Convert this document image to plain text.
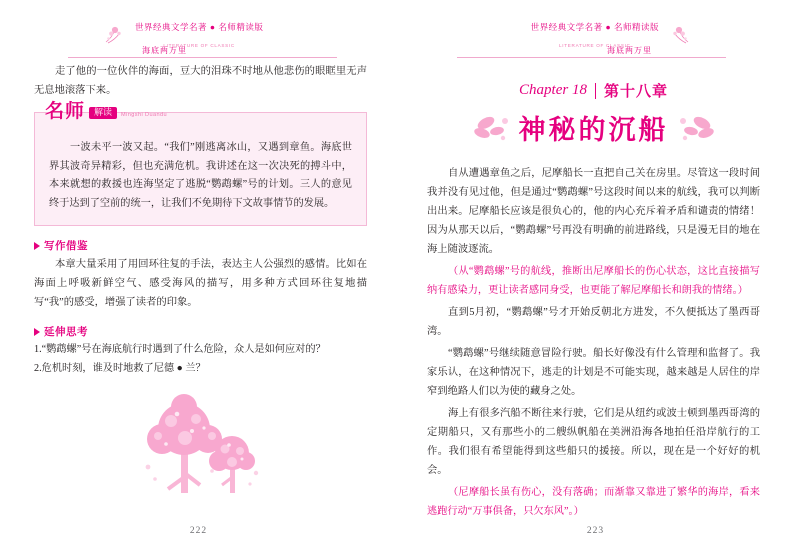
世界经典文学名著 ● 名师精读版
LITERATURE OF CLASSIC
海底两万里

走了他的一位伙伴的海面，豆大的泪珠不时地从他悲伤的眼眶里无声无息地滚落下来。

名师	解读	Mingshi Duandu

一波未平一波又起。“我们”刚逃离冰山，又遇到章鱼。海底世界其波奇异精彩，但也充满危机。我讲述在这一次决死的搏斗中，本来就想的救援也连海坚定了逃脱“鹦鹉螺”号的计划。三人的意见终于达到了空前的统一，让我们不免期待下文故事情节的发展。

写作借鉴

本章大量采用了用回环往复的手法，表达主人公强烈的感情。比如在海面上呼吸新鲜空气、感受海风的描写，用多种方式回环往复地描写“我”的感受，增强了读者的印象。

延伸思考

1.“鹦鹉螺”号在海底航行时遇到了什么危险，众人是如何应对的？

2.危机时刻，谁及时地救了尼德 ● 兰？

222
世界经典文学名著 ● 名师精读版
LITERATURE OF CLASSIC
海底两万里
Chapter 18 第十八章
神秘的沉船

自从遭遇章鱼之后，尼摩船长一直把自己关在房里。尽管这一段时间我并没有见过他，但是通过“鹦鹉螺”号这段时间以来的航线，我可以判断出出来。尼摩船长应该是很负心的，他的内心充斥着矛盾和谴责的情绪！因为从那天以后，“鹦鹉螺”号再没有明确的前进路线，只是漫无目的地在海上随波逐流。

（从“鹦鹉螺”号的航线，推断出尼摩船长的伤心状态，这比直接描写纳有感染力，更让读者感同身受，也更能了解尼摩船长和朗我的情绪。）

直到5月初，“鹦鹉螺”号才开始反朝北方进发，不久便抵达了墨西哥湾。

“鹦鹉螺”号继续随意冒险行驶。船长好像没有什么管理和监督了。我家乐认，在这种情况下，逃走的计划是不可能实现，越来越是人居住的岸窄到绝路人们以为使的藏身之处。

海上有很多汽船不断往来行驶，它们是从纽约或波士顿到墨西哥湾的定期船只，又有那些小的二艘纵帆船在美洲沿海各地拍任沿岸航行的工作。我们很有希望能得到这些船只的援接。所以，现在是一个好好的机会。

（尼摩船长虽有伤心，没有落确；而渐靠又靠进了繁华的海岸，看来逃跑行动“万事俱备，只欠东风”。）

223
